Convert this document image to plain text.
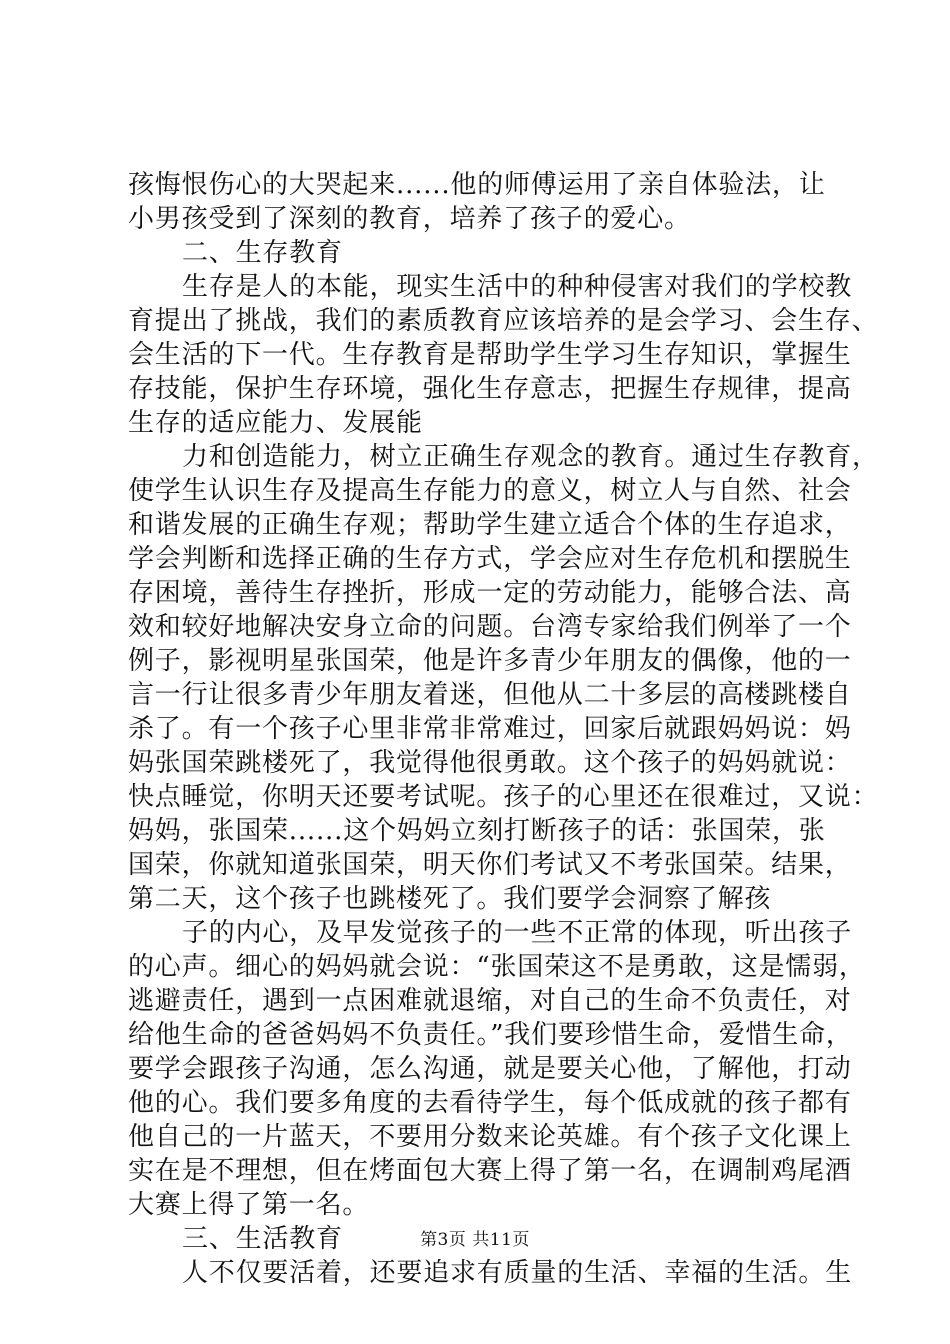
孩悔恨伤心的大哭起来......他的师傅运用了亲自体验法，让
小男孩受到了深刻的教育，培养了孩子的爱心。
二、生存教育
生存是人的本能，现实生活中的种种侵害对我们的学校教
育提出了挑战，我们的素质教育应该培养的是会学习、会生存、
会生活的下一代。生存教育是帮助学生学习生存知识，掌握生
存技能，保护生存环境，强化生存意志，把握生存规律，提高
生存的适应能力、发展能
力和创造能力，树立正确生存观念的教育。通过生存教育，
使学生认识生存及提高生存能力的意义，树立人与自然、社会
和谐发展的正确生存观；帮助学生建立适合个体的生存追求，
学会判断和选择正确的生存方式，学会应对生存危机和摆脱生
存困境，善待生存挫折，形成一定的劳动能力，能够合法、高
效和较好地解决安身立命的问题。台湾专家给我们例举了一个
例子，影视明星张国荣，他是许多青少年朋友的偶像，他的一
言一行让很多青少年朋友着迷，但他从二十多层的高楼跳楼自
杀了。有一个孩子心里非常非常难过，回家后就跟妈妈说：妈
妈张国荣跳楼死了，我觉得他很勇敢。这个孩子的妈妈就说：
快点睡觉，你明天还要考试呢。孩子的心里还在很难过，又说：
妈妈，张国荣......这个妈妈立刻打断孩子的话：张国荣，张
国荣，你就知道张国荣，明天你们考试又不考张国荣。结果，
第二天，这个孩子也跳楼死了。我们要学会洞察了解孩
子的内心，及早发觉孩子的一些不正常的体现，听出孩子
的心声。细心的妈妈就会说：“张国荣这不是勇敢，这是懦弱，
逃避责任，遇到一点困难就退缩，对自己的生命不负责任，对
给他生命的爸爸妈妈不负责任。”我们要珍惜生命，爱惜生命，
要学会跟孩子沟通，怎么沟通，就是要关心他，了解他，打动
他的心。我们要多角度的去看待学生，每个低成就的孩子都有
他自己的一片蓝天，不要用分数来论英雄。有个孩子文化课上
实在是不理想，但在烤面包大赛上得了第一名，在调制鸡尾酒
大赛上得了第一名。
三、生活教育
人不仅要活着，还要追求有质量的生活、幸福的生活。生
第3页 共11页
